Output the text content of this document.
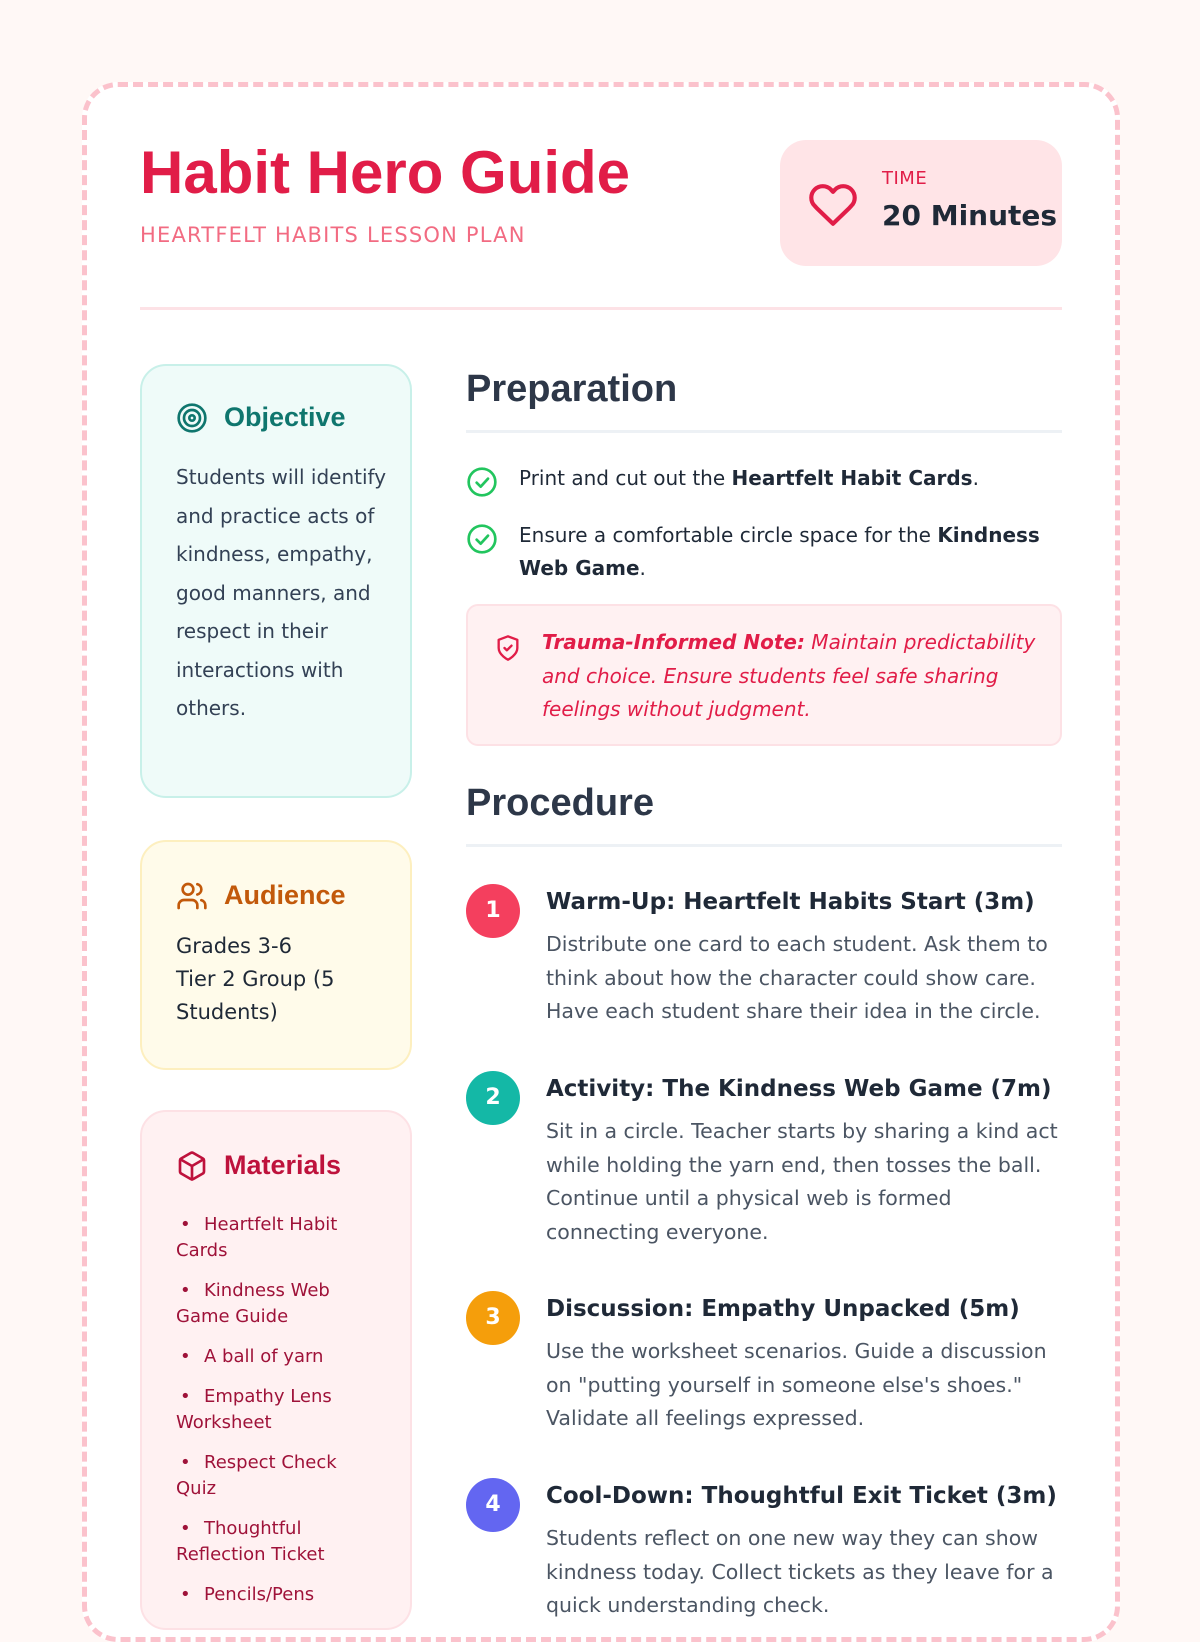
Habit Hero Guide
HEARTFELT HABITS LESSON PLAN
TIME
20 Minutes
Objective

Students will identify and practice acts of kindness, empathy, good manners, and respect in their interactions with others.

Audience
Grades 3-6
Tier 2 Group (5 Students)
Materials
• Heartfelt Habit Cards
• Kindness Web Game Guide
• A ball of yarn
• Empathy Lens Worksheet
• Respect Check Quiz
• Thoughtful Reflection Ticket
• Pencils/Pens
Preparation
Print and cut out the Heartfelt Habit Cards.
Ensure a comfortable circle space for the Kindness Web Game.
Trauma-Informed Note: Maintain predictability and choice. Ensure students feel safe sharing feelings without judgment.
Procedure
1	Warm-Up: Heartfelt Habits Start (3m)

Distribute one card to each student. Ask them to think about how the character could show care. Have each student share their idea in the circle.

2	Activity: The Kindness Web Game (7m)

Sit in a circle. Teacher starts by sharing a kind act while holding the yarn end, then tosses the ball. Continue until a physical web is formed connecting everyone.

3	Discussion: Empathy Unpacked (5m)

Use the worksheet scenarios. Guide a discussion on "putting yourself in someone else's shoes." Validate all feelings expressed.

4	Cool-Down: Thoughtful Exit Ticket (3m)

Students reflect on one new way they can show kindness today. Collect tickets as they leave for a quick understanding check.
